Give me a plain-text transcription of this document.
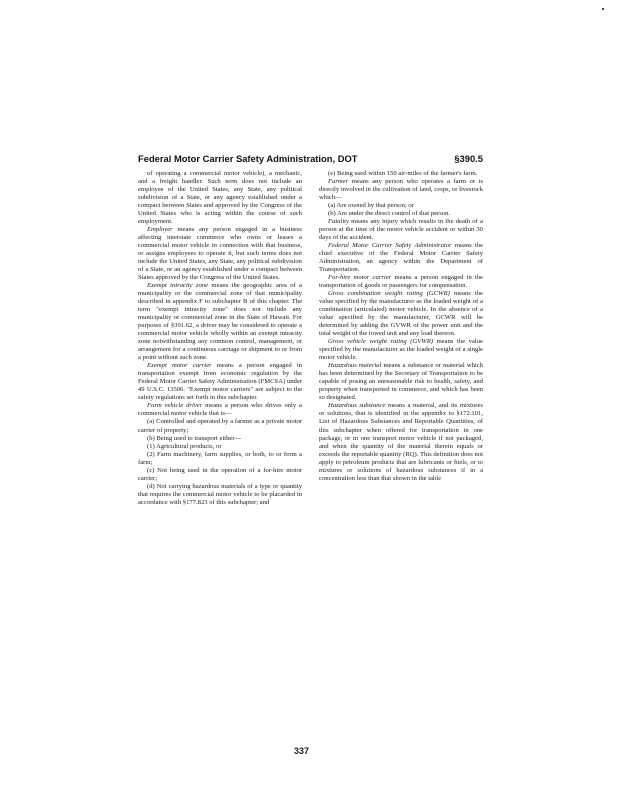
Federal Motor Carrier Safety Administration, DOT	§390.5

of operating a commercial motor vehicle), a mechanic, and a freight handler. Such term does not include an employee of the United States, any State, any political subdivision of a State, or any agency established under a compact between States and approved by the Congress of the United States who is acting within the course of such employment.

Employer means any person engaged in a business affecting interstate commerce who owns or leases a commercial motor vehicle in connection with that business, or assigns employees to operate it, but such terms does not include the United States, any State, any political subdivision of a State, or an agency established under a compact between States approved by the Congress of the United States.

Exempt intracity zone means the geographic area of a municipality or the commercial zone of that municipality described in appendix F to subchapter B of this chapter. The term "exempt intracity zone" does not include any municipality or commercial zone in the State of Hawaii. For purposes of §391.62, a driver may be considered to operate a commercial motor vehicle wholly within an exempt intracity zone notwithstanding any common control, management, or arrangement for a continuous carriage or shipment to or from a point without such zone.

Exempt motor carrier means a person engaged in transportation exempt from economic regulation by the Federal Motor Carrier Safety Administration (FMCSA) under 49 U.S.C. 13506. "Exempt motor carriers" are subject to the safety regulations set forth in this subchapter.

Farm vehicle driver means a person who drives only a commercial motor vehicle that is—

(a) Controlled and operated by a farmer as a private motor carrier of property;

(b) Being used to transport either—

(1) Agricultural products, or

(2) Farm machinery, farm supplies, or both, to or from a farm;

(c) Not being used in the operation of a for-hire motor carrier;

(d) Not carrying hazardous materials of a type or quantity that requires the commercial motor vehicle to be placarded in accordance with §177.823 of this subchapter; and

(e) Being used within 150 air-miles of the farmer's farm.

Farmer means any person who operates a farm or is directly involved in the cultivation of land, crops, or livestock which—

(a) Are owned by that person; or

(b) Are under the direct control of that person.

Fatality means any injury which results in the death of a person at the time of the motor vehicle accident or within 30 days of the accident.

Federal Motor Carrier Safety Administrator means the chief executive of the Federal Motor Carrier Safety Administration, an agency within the Department of Transportation.

For-hire motor carrier means a person engaged in the transportation of goods or passengers for compensation.

Gross combination weight rating (GCWR) means the value specified by the manufacturer as the loaded weight of a combination (articulated) motor vehicle. In the absence of a value specified by the manufacturer, GCWR will be determined by adding the GVWR of the power unit and the total weight of the towed unit and any load thereon.

Gross vehicle weight rating (GVWR) means the value specified by the manufacturer as the loaded weight of a single motor vehicle.

Hazardous material means a substance or material which has been determined by the Secretary of Transportation to be capable of posing an unreasonable risk to health, safety, and property when transported in commerce, and which has been so designated.

Hazardous substance means a material, and its mixtures or solutions, that is identified in the appendix to §172.101, List of Hazardous Substances and Reportable Quantities, of this subchapter when offered for transportation in one package, or in one transport motor vehicle if not packaged, and when the quantity of the material therein equals or exceeds the reportable quantity (RQ). This definition does not apply to petroleum products that are lubricants or fuels, or to mixtures or solutions of hazardous substances if in a concentration less than that shown in the table

337
